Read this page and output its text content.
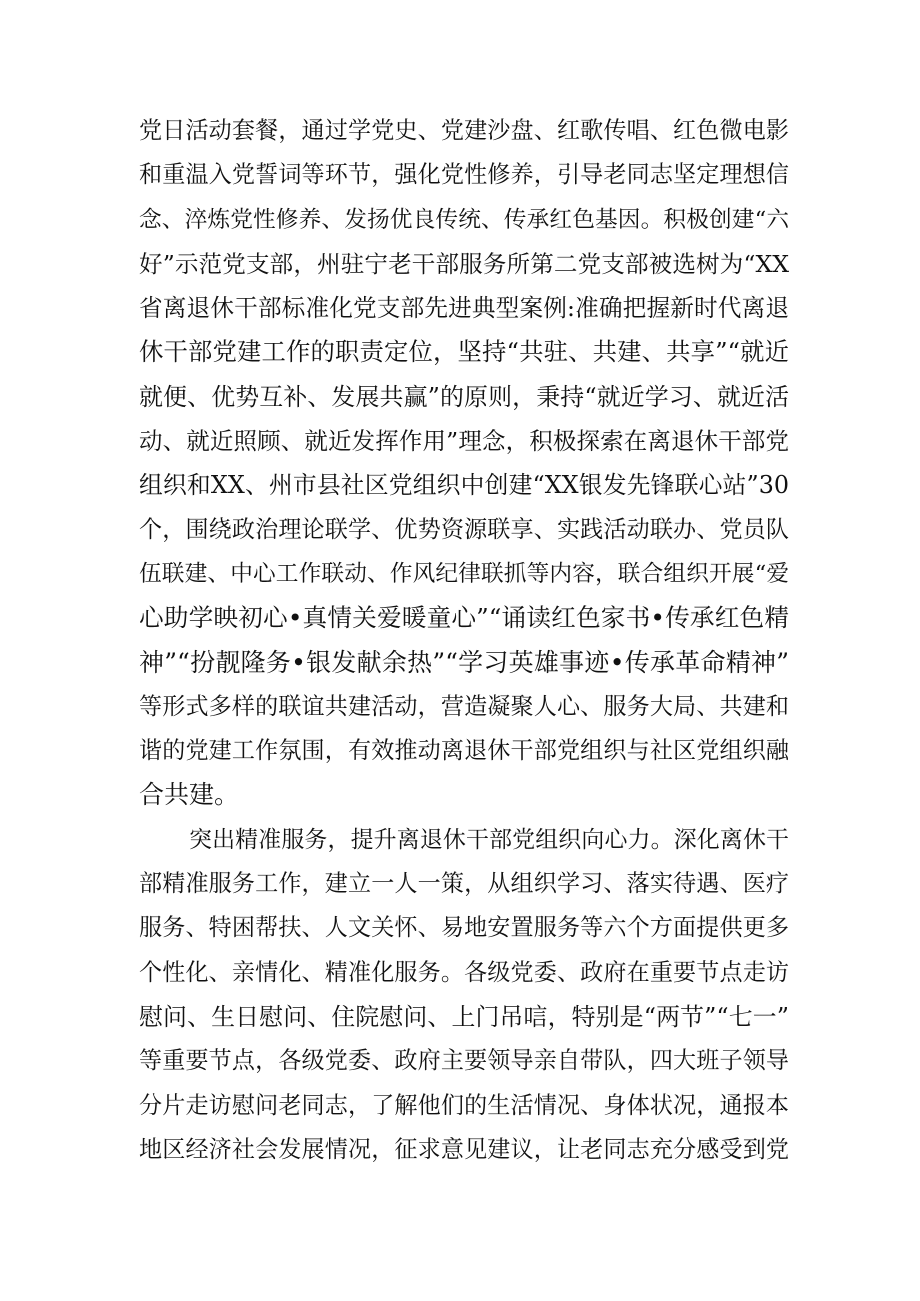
党日活动套餐，通过学党史、党建沙盘、红歌传唱、红色微电影
和重温入党誓词等环节，强化党性修养，引导老同志坚定理想信
念、淬炼党性修养、发扬优良传统、传承红色基因。积极创建“六
好”示范党支部，州驻宁老干部服务所第二党支部被选树为“XX
省离退休干部标准化党支部先进典型案例:准确把握新时代离退
休干部党建工作的职责定位，坚持“共驻、共建、共享”“就近
就便、优势互补、发展共赢”的原则，秉持“就近学习、就近活
动、就近照顾、就近发挥作用”理念，积极探索在离退休干部党
组织和XX、州市县社区党组织中创建“XX银发先锋联心站”30
个，围绕政治理论联学、优势资源联享、实践活动联办、党员队
伍联建、中心工作联动、作风纪律联抓等内容，联合组织开展“爱
心助学映初心•真情关爱暖童心”“诵读红色家书•传承红色精
神”“扮靓隆务•银发献余热”“学习英雄事迹•传承革命精神”
等形式多样的联谊共建活动，营造凝聚人心、服务大局、共建和
谐的党建工作氛围，有效推动离退休干部党组织与社区党组织融
合共建。
突出精准服务，提升离退休干部党组织向心力。深化离休干
部精准服务工作，建立一人一策，从组织学习、落实待遇、医疗
服务、特困帮扶、人文关怀、易地安置服务等六个方面提供更多
个性化、亲情化、精准化服务。各级党委、政府在重要节点走访
慰问、生日慰问、住院慰问、上门吊唁，特别是“两节”“七一”
等重要节点，各级党委、政府主要领导亲自带队，四大班子领导
分片走访慰问老同志，了解他们的生活情况、身体状况，通报本
地区经济社会发展情况，征求意见建议，让老同志充分感受到党
